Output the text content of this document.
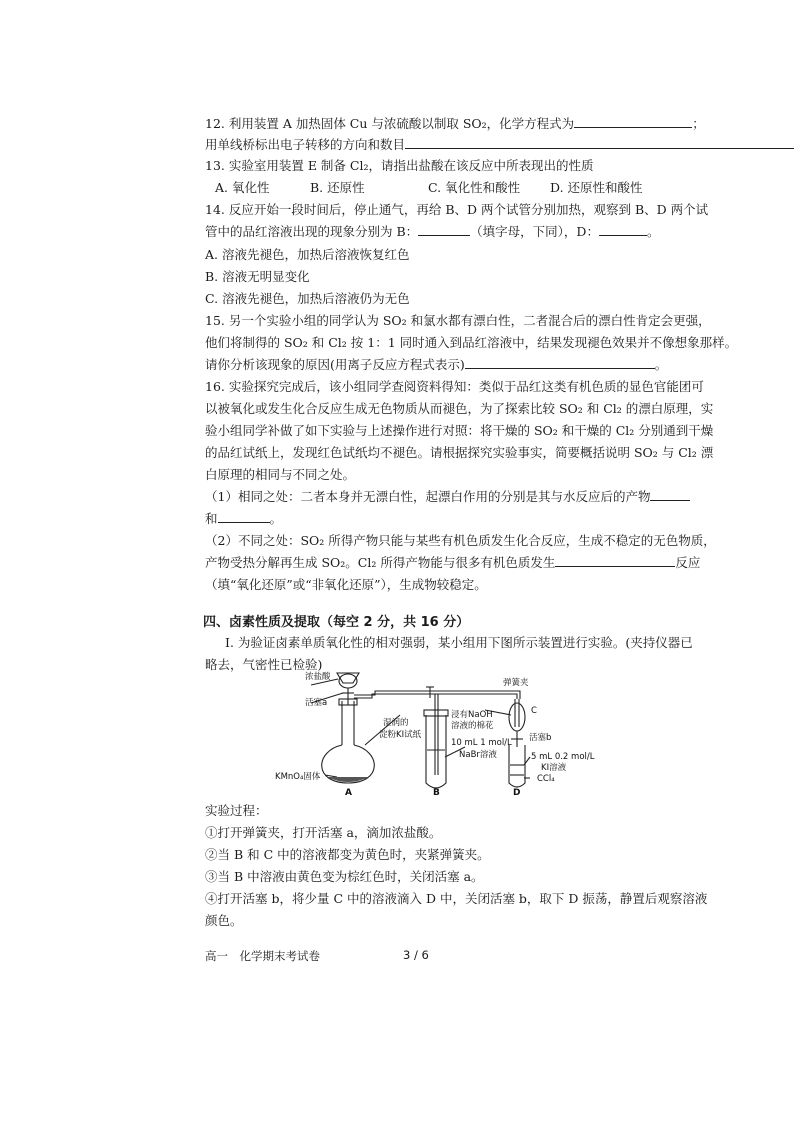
12. 利用装置 A 加热固体 Cu 与浓硫酸以制取 SO₂，化学方程式为	；
用单线桥标出电子转移的方向和数目
13. 实验室用装置 E 制备 Cl₂，请指出盐酸在该反应中所表现出的性质
A. 氧化性	B. 还原性	C. 氧化性和酸性 D. 还原性和酸性
14. 反应开始一段时间后，停止通气，再给 B、D 两个试管分别加热，观察到 B、D 两个试
管中的品红溶液出现的现象分别为 B：	（填字母，下同），D：	。
A. 溶液先褪色，加热后溶液恢复红色
B. 溶液无明显变化
C. 溶液先褪色，加热后溶液仍为无色
15. 另一个实验小组的同学认为 SO₂ 和氯水都有漂白性，二者混合后的漂白性肯定会更强，
他们将制得的 SO₂ 和 Cl₂ 按 1：1 同时通入到品红溶液中，结果发现褪色效果并不像想象那样。
请你分析该现象的原因(用离子反应方程式表示)	。
16. 实验探究完成后，该小组同学查阅资料得知：类似于品红这类有机色质的显色官能团可
以被氧化或发生化合反应生成无色物质从而褪色，为了探索比较 SO₂ 和 Cl₂ 的漂白原理，实
验小组同学补做了如下实验与上述操作进行对照：将干燥的 SO₂ 和干燥的 Cl₂ 分别通到干燥
的品红试纸上，发现红色试纸均不褪色。请根据探究实验事实，简要概括说明 SO₂ 与 Cl₂ 漂
白原理的相同与不同之处。
（1）相同之处：二者本身并无漂白性，起漂白作用的分别是其与水反应后的产物
和	。
（2）不同之处：SO₂ 所得产物只能与某些有机色质发生化合反应，生成不稳定的无色物质，
产物受热分解再生成 SO₂。Cl₂ 所得产物能与很多有机色质发生	反应
（填“氧化还原”或“非氧化还原”），生成物较稳定。
四、卤素性质及提取（每空 2 分，共 16 分）
I. 为验证卤素单质氧化性的相对强弱，某小组用下图所示装置进行实验。(夹持仪器已
略去，气密性已检验)
浓盐酸
活塞a
弹簧夹
湿润的
淀粉KI试纸
浸有NaOH
溶液的棉花
C
活塞b
10 mL 1 mol/L
NaBr溶液	5 mL 0.2 mol/L
KI溶液
CCl₄
KMnO₄固体
A	B	D
实验过程：
①打开弹簧夹，打开活塞 a，滴加浓盐酸。
②当 B 和 C 中的溶液都变为黄色时，夹紧弹簧夹。
③当 B 中溶液由黄色变为棕红色时，关闭活塞 a。
④打开活塞 b，将少量 C 中的溶液滴入 D 中，关闭活塞 b，取下 D 振荡，静置后观察溶液
颜色。
高一　化学期末考试卷	3 / 6
